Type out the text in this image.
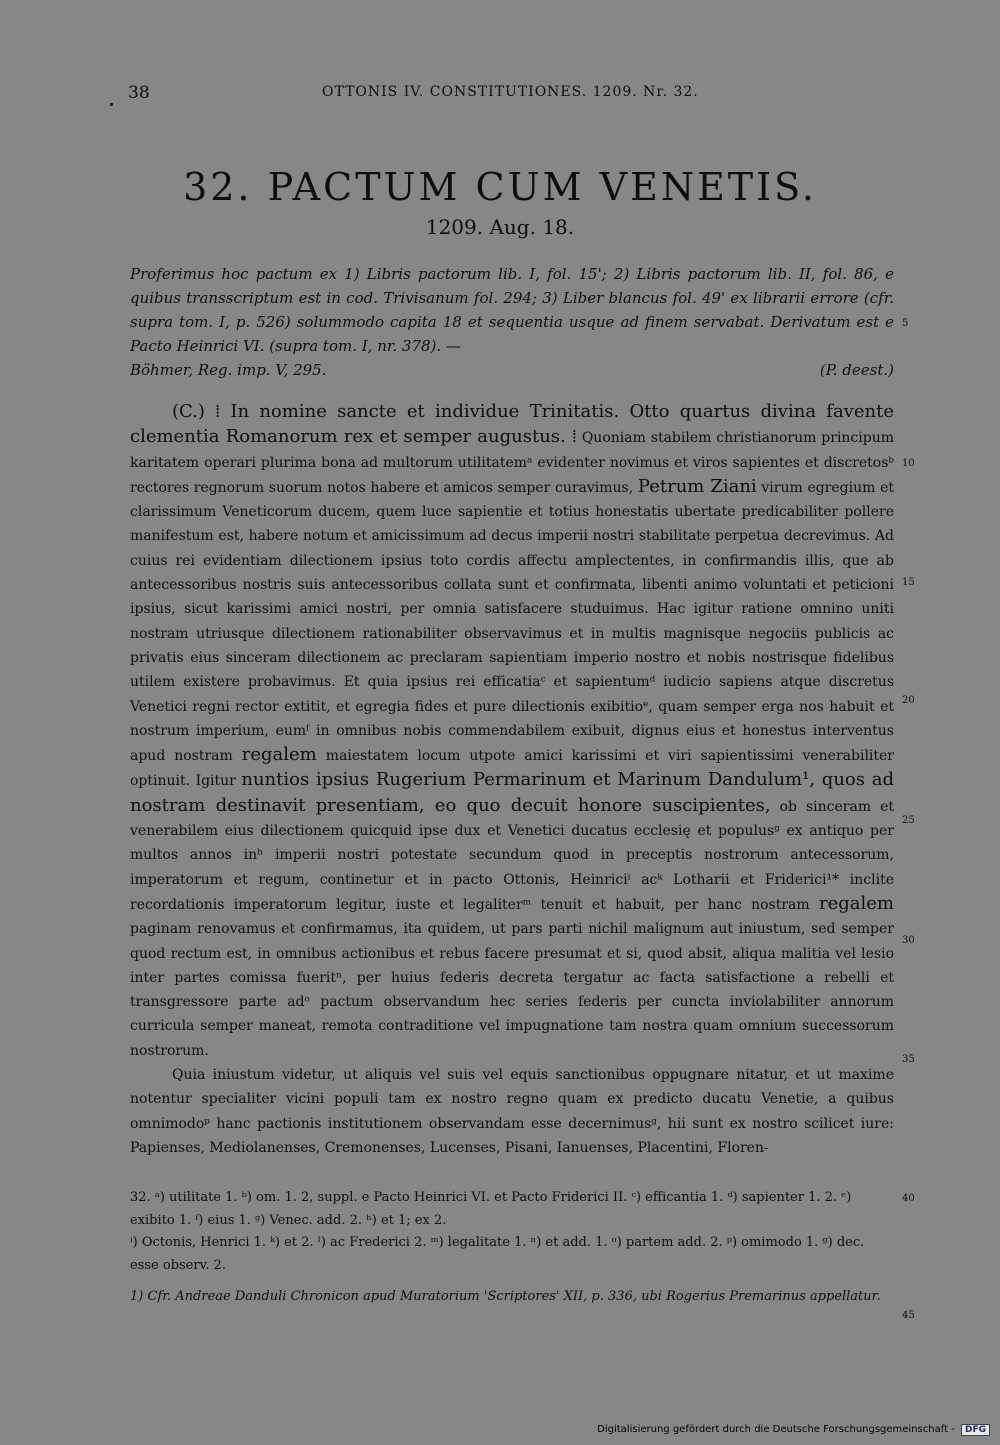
38	OTTONIS IV. CONSTITUTIONES. 1209. Nr. 32.
32. PACTUM CUM VENETIS.
1209. Aug. 18.
Proferimus hoc pactum ex 1) Libris pactorum lib. I, fol. 15'; 2) Libris pactorum lib. II, fol. 86, e quibus transscriptum est in cod. Trivisanum fol. 294; 3) Liber blancus fol. 49' ex librarii errore (cfr. supra tom. I, p. 526) solummodo capita 18 et sequentia usque ad finem servabat. Derivatum est e Pacto Heinrici VI. (supra tom. I, nr. 378). —
Böhmer, Reg. imp. V, 295.	(P. deest.)

(C.) ⁞ In nomine sancte et individue Trinitatis. Otto quartus divina favente clementia Romanorum rex et semper augustus. ⁞ Quoniam stabilem christianorum principum karitatem operari plurima bona ad multorum utilitatemᵃ evidenter novimus et viros sapientes et discretosᵇ rectores regnorum suorum notos habere et amicos semper curavimus, Petrum Ziani virum egregium et clarissimum Veneticorum ducem, quem luce sapientie et totius honestatis ubertate predicabiliter pollere manifestum est, habere notum et amicissimum ad decus imperii nostri stabilitate perpetua decrevimus. Ad cuius rei evidentiam dilectionem ipsius toto cordis affectu amplectentes, in confirmandis illis, que ab antecessoribus nostris suis antecessoribus collata sunt et confirmata, libenti animo voluntati et peticioni ipsius, sicut karissimi amici nostri, per omnia satisfacere studuimus. Hac igitur ratione omnino uniti nostram utriusque dilectionem rationabiliter observavimus et in multis magnisque negociis publicis ac privatis eius sinceram dilectionem ac preclaram sapientiam imperio nostro et nobis nostrisque fidelibus utilem existere probavimus. Et quia ipsius rei efficatiaᶜ et sapientumᵈ iudicio sapiens atque discretus Venetici regni rector extitit, et egregia fides et pure dilectionis exibitioᵉ, quam semper erga nos habuit et nostrum imperium, eumᶠ in omnibus nobis commendabilem exibuit, dignus eius et honestus interventus apud nostram regalem maiestatem locum utpote amici karissimi et viri sapientissimi venerabiliter optinuit. Igitur nuntios ipsius Rugerium Permarinum et Marinum Dandulum¹, quos ad nostram destinavit presentiam, eo quo decuit honore suscipientes, ob sinceram et venerabilem eius dilectionem quicquid ipse dux et Venetici ducatus ecclesię et populusᵍ ex antiquo per multos annos inʰ imperii nostri potestate secundum quod in preceptis nostrorum antecessorum, imperatorum et regum, continetur et in pacto Ottonis, Heinriciⁱ acᵏ Lotharii et Friderici¹* inclite recordationis imperatorum legitur, iuste et legaliterᵐ tenuit et habuit, per hanc nostram regalem paginam renovamus et confirmamus, ita quidem, ut pars parti nichil malignum aut iniustum, sed semper quod rectum est, in omnibus actionibus et rebus facere presumat et si, quod absit, aliqua malitia vel lesio inter partes comissa fueritⁿ, per huius federis decreta tergatur ac facta satisfactione a rebelli et transgressore parte adᵒ pactum observandum hec series federis per cuncta inviolabiliter annorum curricula semper maneat, remota contraditione vel impugnatione tam nostra quam omnium successorum nostrorum.

Quia iniustum videtur, ut aliquis vel suis vel equis sanctionibus oppugnare nitatur, et ut maxime notentur specialiter vicini populi tam ex nostro regno quam ex predicto ducatu Venetie, a quibus omnimodoᵖ hanc pactionis institutionem observandam esse decernimusᵍ, hii sunt ex nostro scilicet iure: Papienses, Mediolanenses, Cremonenses, Lucenses, Pisani, Ianuenses, Placentini, Floren-

5
10
15
20
25
30
35
40
45
32. ᵃ) utilitate 1. ᵇ) om. 1. 2, suppl. e Pacto Heinrici VI. et Pacto Friderici II. ᶜ) efficantia 1. ᵈ) sapienter 1. 2. ᵉ) exibito 1. ᶠ) eius 1. ᵍ) Venec. add. 2. ʰ) et 1; ex 2.
ⁱ) Octonis, Henrici 1. ᵏ) et 2. ˡ) ac Frederici 2. ᵐ) legalitate 1. ⁿ) et add. 1. ᵒ) partem add. 2. ᵖ) omimodo 1. ᵍ) dec. esse observ. 2.
1) Cfr. Andreae Danduli Chronicon apud Muratorium 'Scriptores' XII, p. 336, ubi Rogerius Premarinus appellatur.
Digitalisierung gefördert durch die Deutsche Forschungsgemeinschaft - DFG
